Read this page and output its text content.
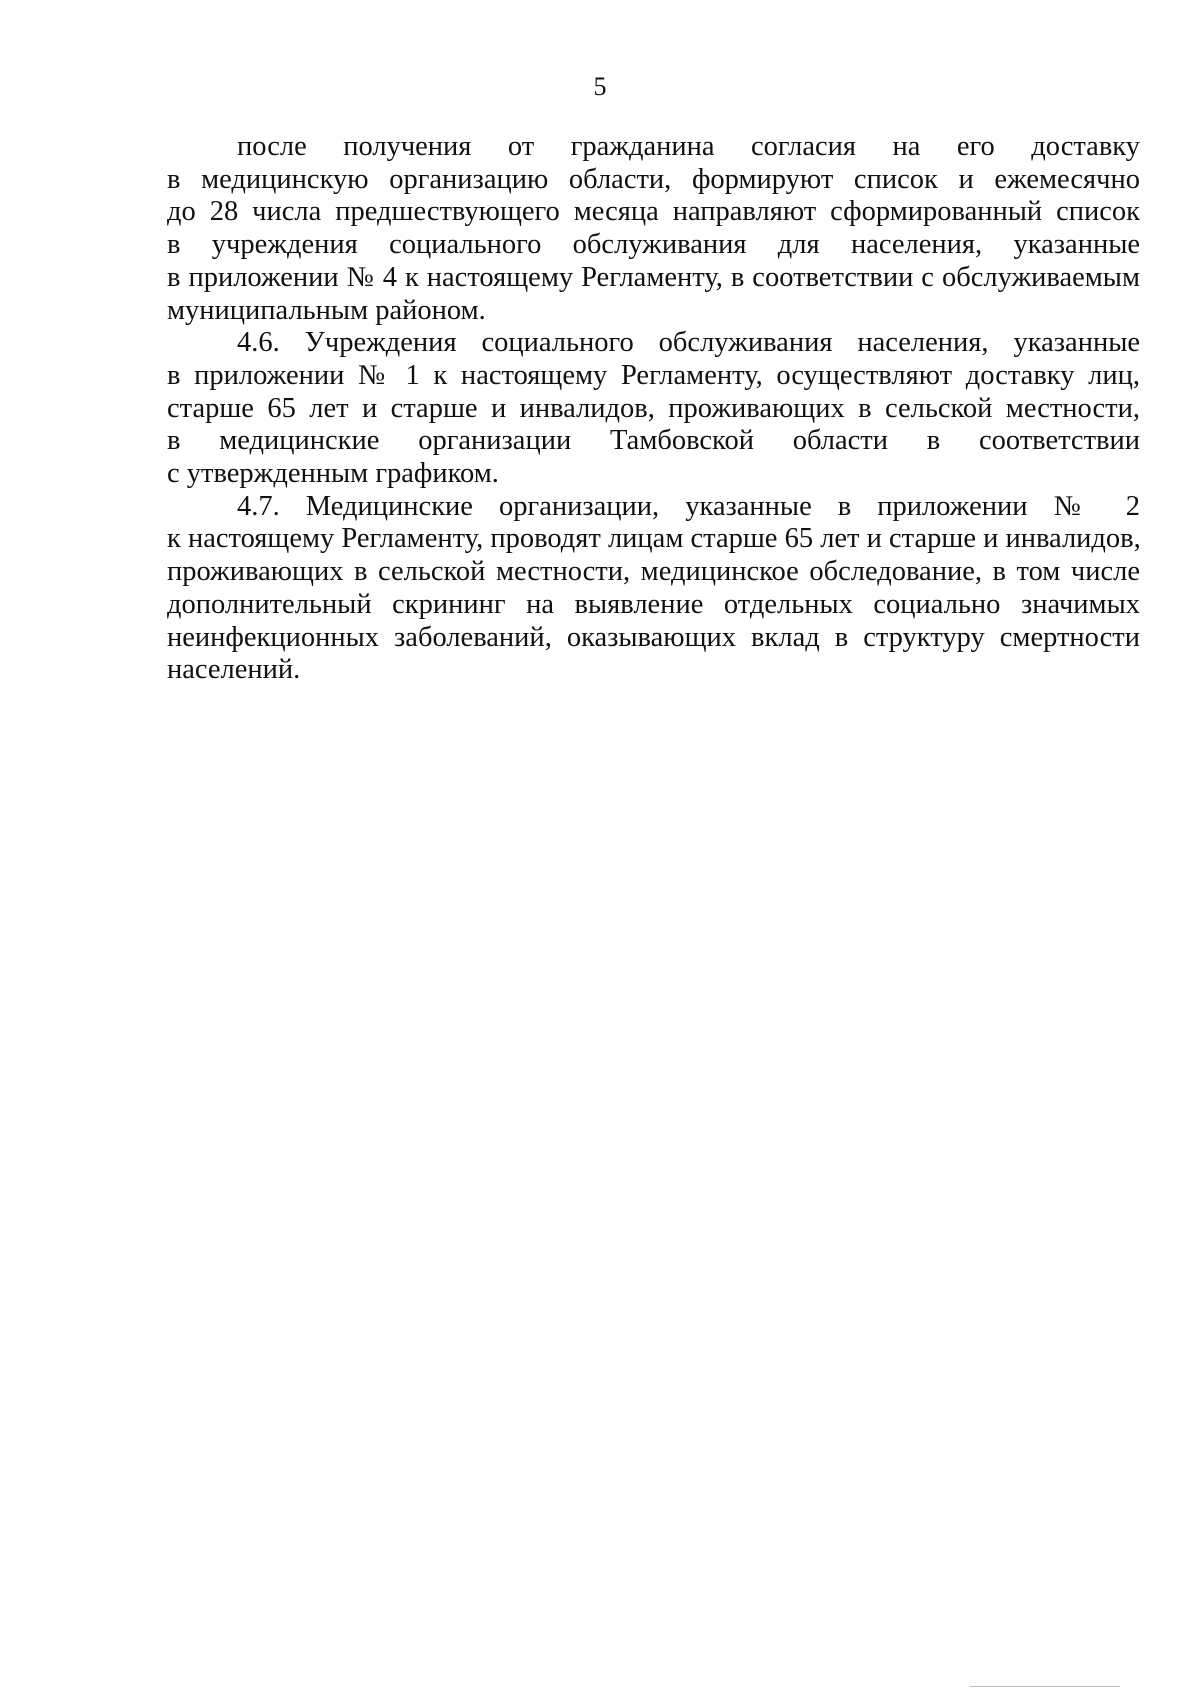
5

после получения от гражданина согласия на его доставку
в медицинскую организацию области, формируют список и ежемесячно
до 28 числа предшествующего месяца направляют сформированный список
в учреждения социального обслуживания для населения, указанные
в приложении № 4 к настоящему Регламенту, в соответствии с обслуживаемым
муниципальным районом.

4.6. Учреждения социального обслуживания населения, указанные
в приложении № 1 к настоящему Регламенту, осуществляют доставку лиц,
старше 65 лет и старше и инвалидов, проживающих в сельской местности,
в медицинские организации Тамбовской области в соответствии
с утвержденным графиком.

4.7. Медицинские организации, указанные в приложении № 2
к настоящему Регламенту, проводят лицам старше 65 лет и старше и инвалидов,
проживающих в сельской местности, медицинское обследование, в том числе
дополнительный скрининг на выявление отдельных социально значимых
неинфекционных заболеваний, оказывающих вклад в структуру смертности
населений.
